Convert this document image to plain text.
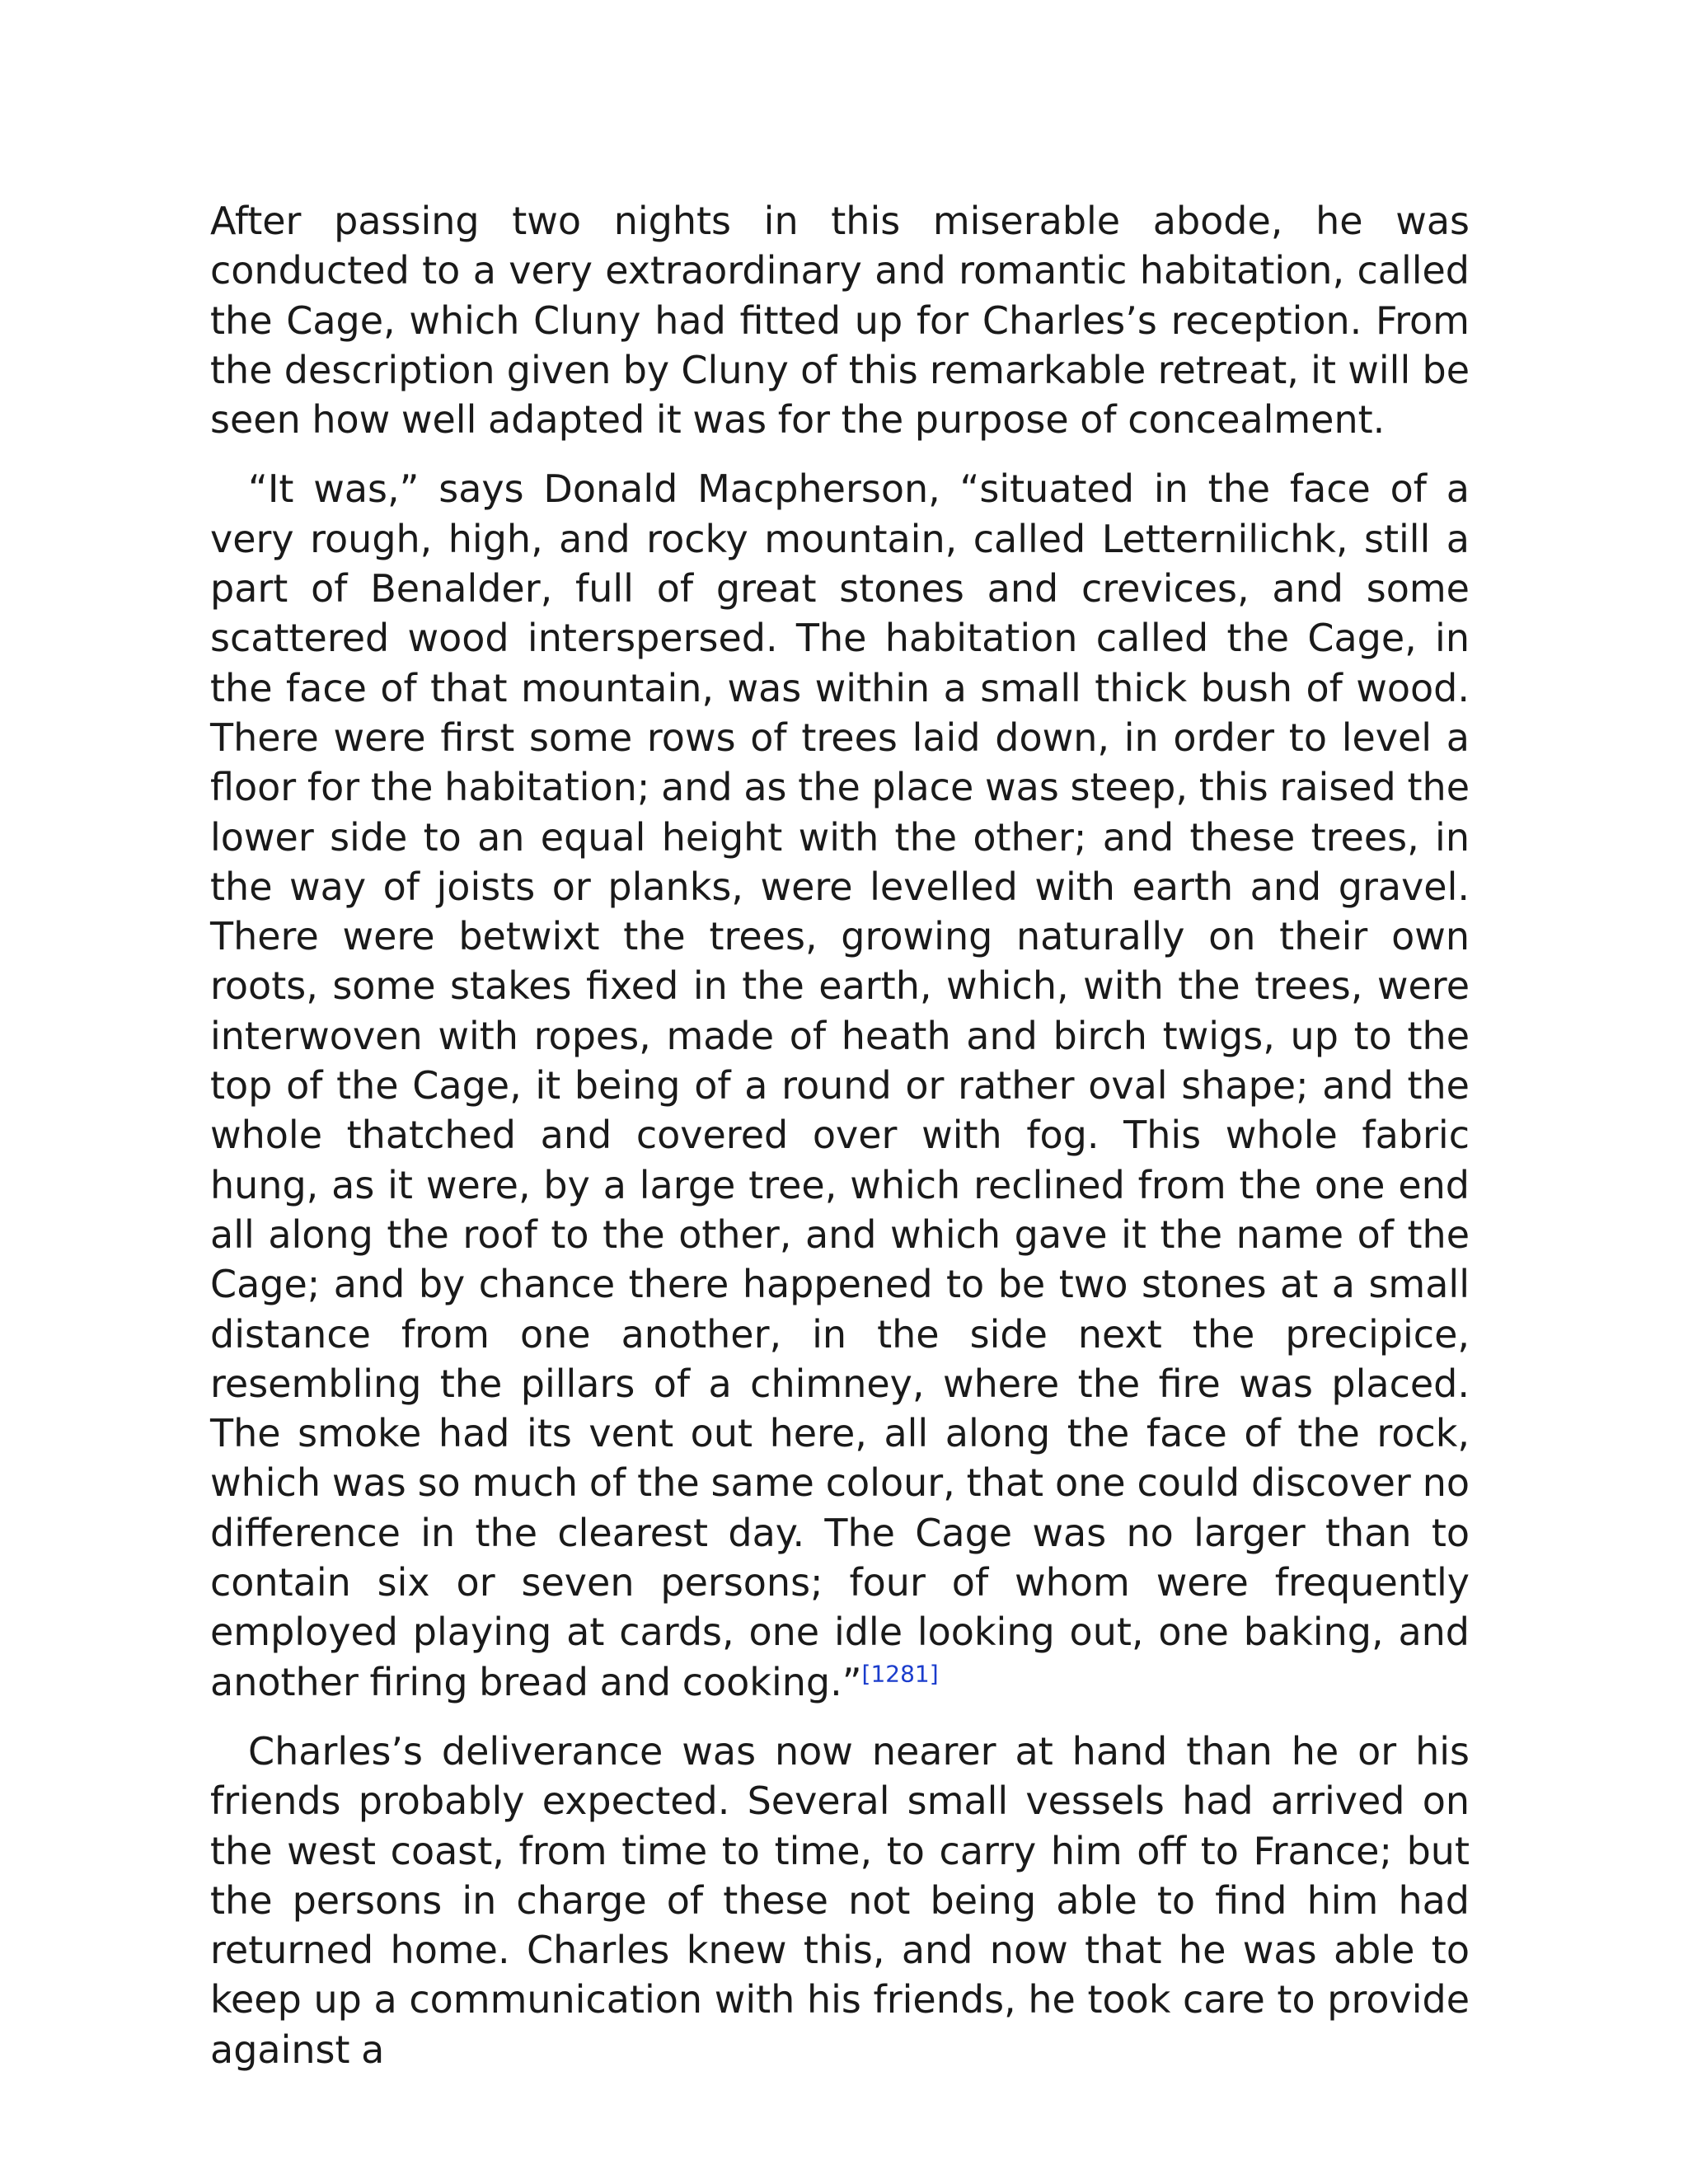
After passing two nights in this miserable abode, he was conducted to a very extraordinary and romantic habitation, called the Cage, which Cluny had fitted up for Charles’s reception. From the description given by Cluny of this remarkable retreat, it will be seen how well adapted it was for the purpose of concealment.

“It was,” says Donald Macpherson, “situated in the face of a very rough, high, and rocky mountain, called Letternilichk, still a part of Benalder, full of great stones and crevices, and some scattered wood interspersed. The habitation called the Cage, in the face of that mountain, was within a small thick bush of wood. There were first some rows of trees laid down, in order to level a floor for the habitation; and as the place was steep, this raised the lower side to an equal height with the other; and these trees, in the way of joists or planks, were levelled with earth and gravel. There were betwixt the trees, growing naturally on their own roots, some stakes fixed in the earth, which, with the trees, were interwoven with ropes, made of heath and birch twigs, up to the top of the Cage, it being of a round or rather oval shape; and the whole thatched and covered over with fog. This whole fabric hung, as it were, by a large tree, which reclined from the one end all along the roof to the other, and which gave it the name of the Cage; and by chance there happened to be two stones at a small distance from one another, in the side next the precipice, resembling the pillars of a chimney, where the fire was placed. The smoke had its vent out here, all along the face of the rock, which was so much of the same colour, that one could discover no difference in the clearest day. The Cage was no larger than to contain six or seven persons; four of whom were frequently employed playing at cards, one idle looking out, one baking, and another firing bread and cooking.”[1281]

Charles’s deliverance was now nearer at hand than he or his friends probably expected. Several small vessels had arrived on the west coast, from time to time, to carry him off to France; but the persons in charge of these not being able to find him had returned home. Charles knew this, and now that he was able to keep up a communication with his friends, he took care to provide against a
